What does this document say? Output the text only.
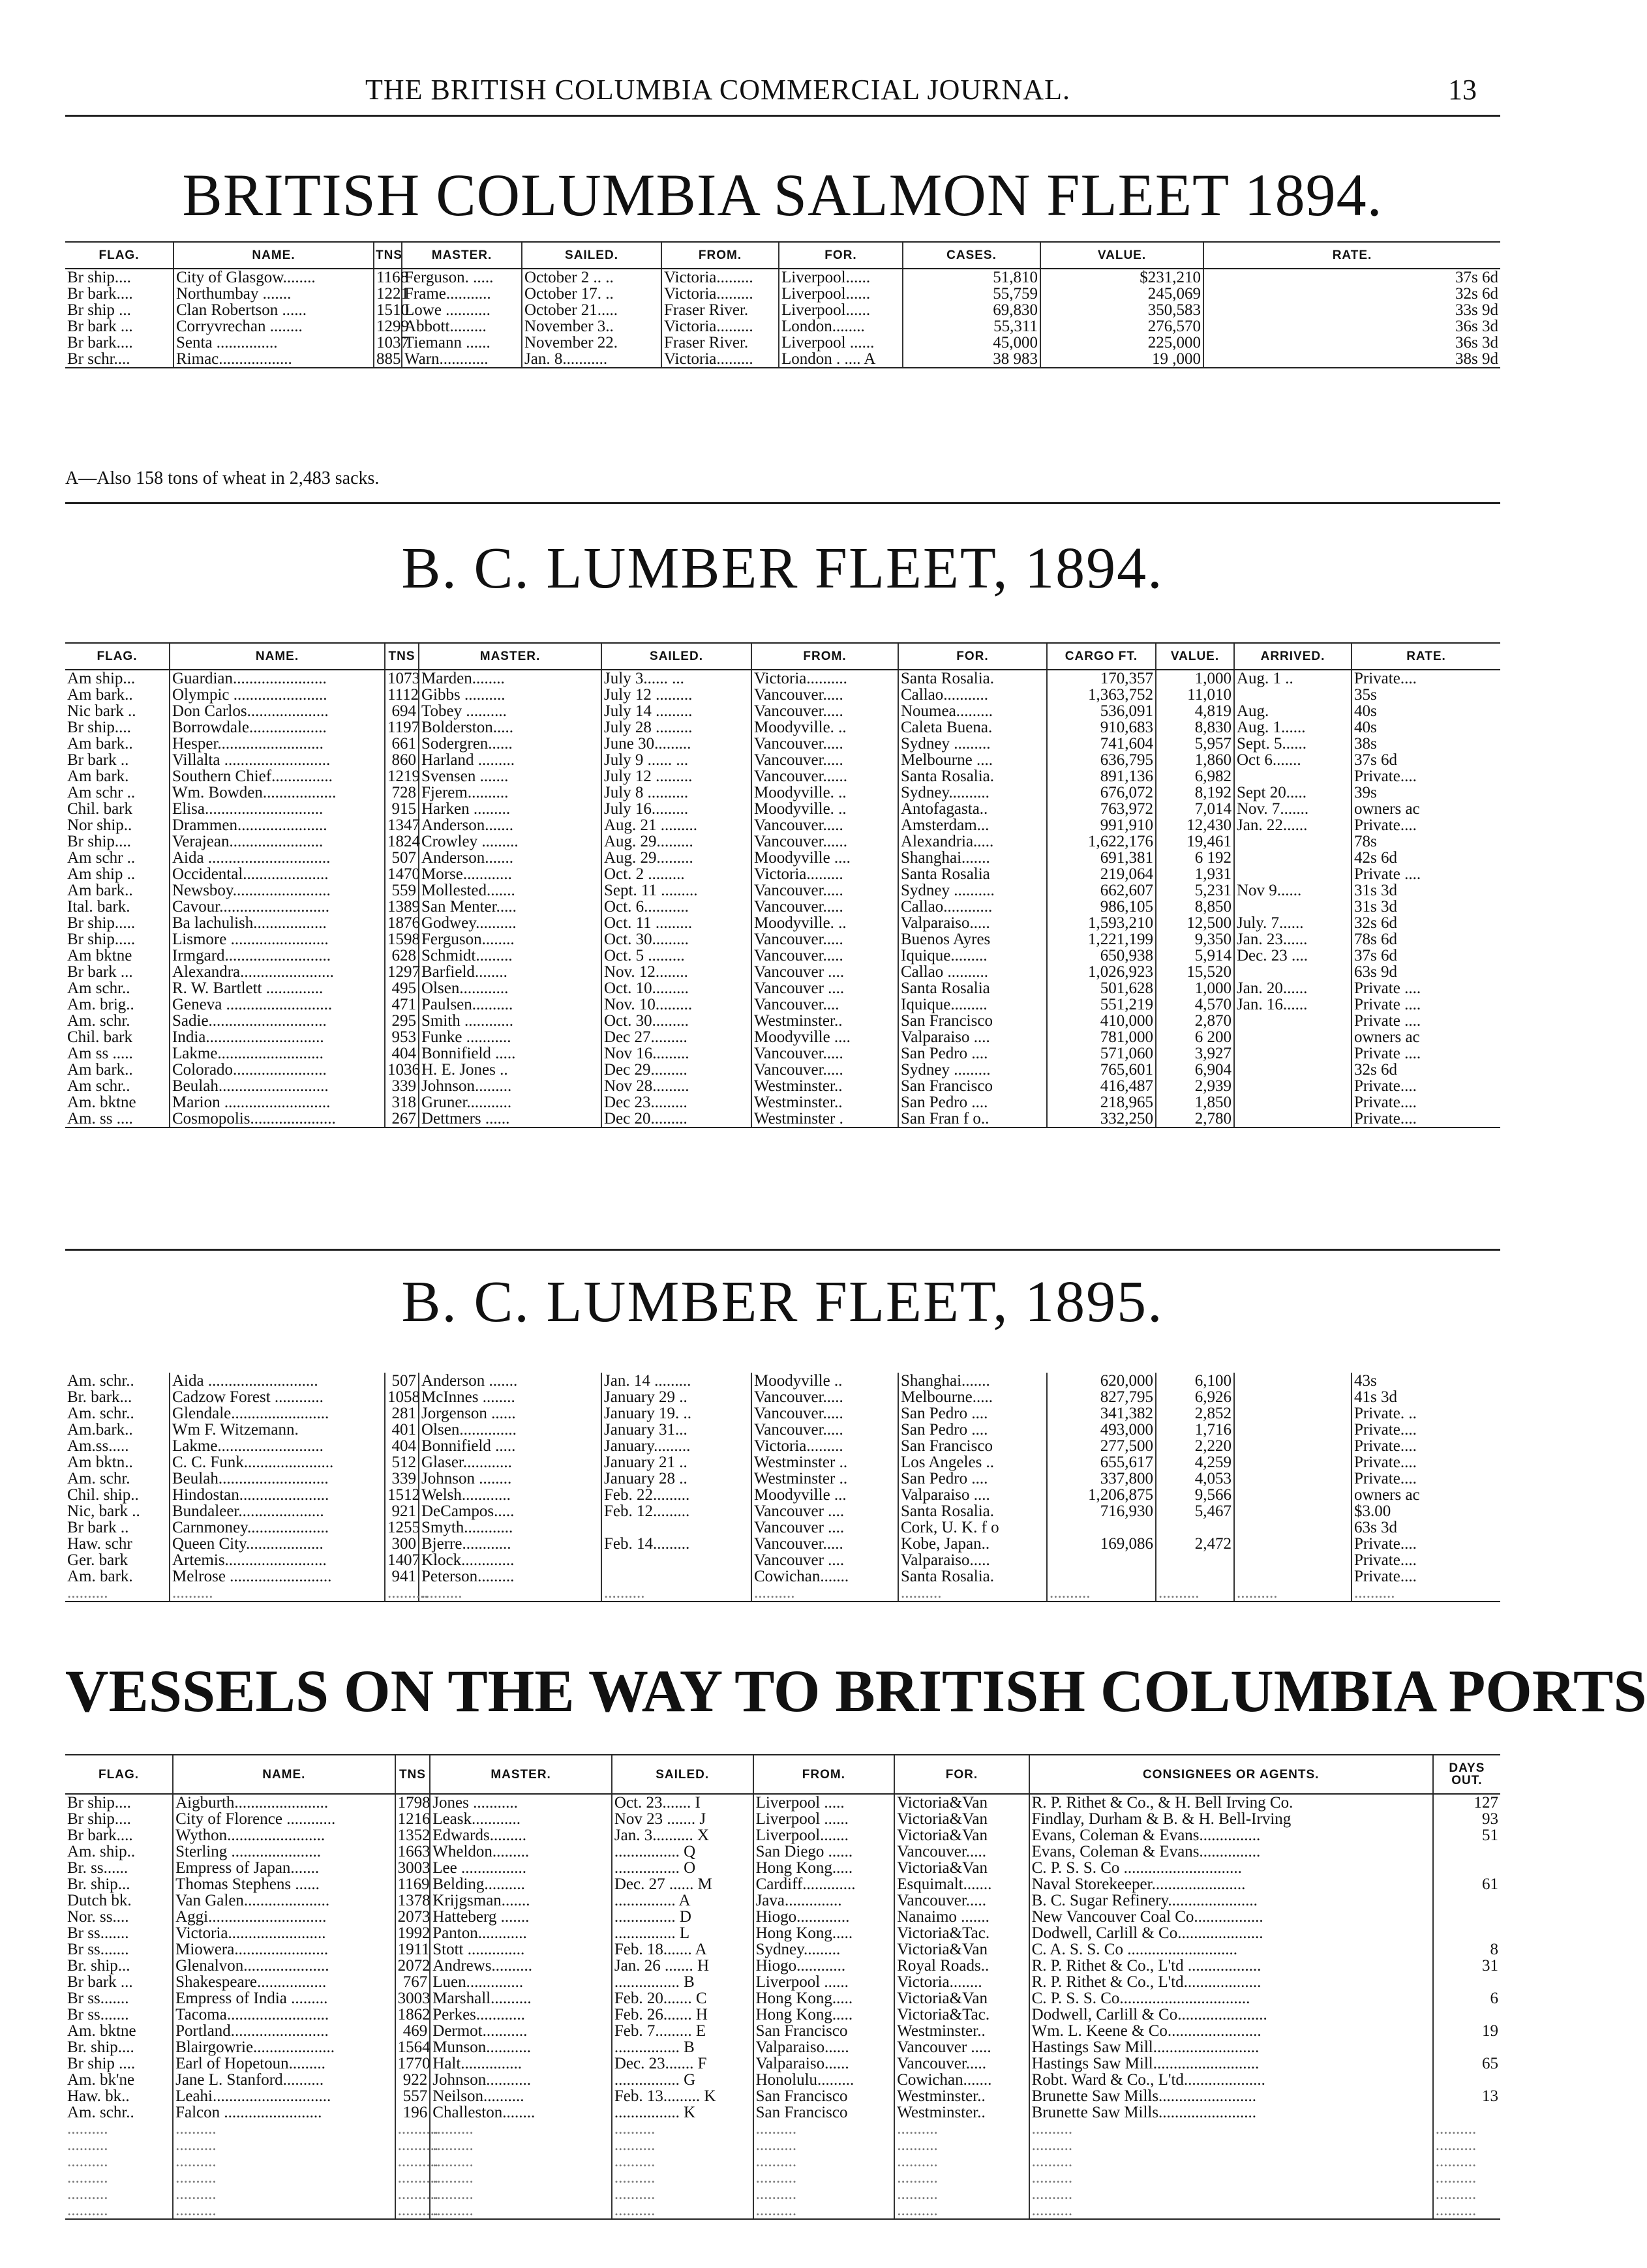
THE BRITISH COLUMBIA COMMERCIAL JOURNAL.	13
BRITISH COLUMBIA SALMON FLEET 1894.
FLAG.	NAME.	TNS	MASTER.	SAILED.	FROM.	FOR.	CASES.	VALUE.	RATE.
Br ship....	City of Glasgow........	1168	Ferguson. .....	October 2 .. ..	Victoria.........	Liverpool......	51,810	$231,210	37s 6d
Br bark....	Northumbay .......	1221	Frame...........	October 17. ..	Victoria.........	Liverpool......	55,759	245,069	32s 6d
Br ship ...	Clan Robertson ......	1510	Lowe ...........	October 21.....	Fraser River.	Liverpool......	69,830	350,583	33s 9d
Br bark ...	Corryvrechan ........	1299	Abbott.........	November 3..	Victoria.........	London........	55,311	276,570	36s 3d
Br bark....	Senta ...............	1037	Tiemann ......	November 22.	Fraser River.	Liverpool ......	45,000	225,000	36s 3d
Br schr....	Rimac..................	885	Warn............	Jan. 8...........	Victoria.........	London . .... A	38 983	19 ,000	38s 9d
A—Also 158 tons of wheat in 2,483 sacks.
B. C. LUMBER FLEET, 1894.
FLAG.	NAME.	TNS	MASTER.	SAILED.	FROM.	FOR.	CARGO FT.	VALUE.	ARRIVED.	RATE.
Am ship...	Guardian.......................	1073	Marden........	July 3...... ...	Victoria..........	Santa Rosalia.	170,357	1,000	Aug. 1 ..	Private....
Am bark..	Olympic .......................	1112	Gibbs ..........	July 12 .........	Vancouver.....	Callao...........	1,363,752	11,010		35s
Nic bark ..	Don Carlos....................	694	Tobey ..........	July 14 .........	Vancouver.....	Noumea.........	536,091	4,819	Aug.	40s
Br ship....	Borrowdale...................	1197	Bolderston.....	July 28 .........	Moodyville. ..	Caleta Buena.	910,683	8,830	Aug. 1......	40s
Am bark..	Hesper..........................	661	Sodergren......	June 30.........	Vancouver.....	Sydney .........	741,604	5,957	Sept. 5......	38s
Br bark ..	Villalta ..........................	860	Harland .........	July 9 ...... ...	Vancouver.....	Melbourne ....	636,795	1,860	Oct 6.......	37s 6d
Am bark.	Southern Chief...............	1219	Svensen .......	July 12 .........	Vancouver......	Santa Rosalia.	891,136	6,982		Private....
Am schr ..	Wm. Bowden..................	728	Fjerem..........	July 8 ..........	Moodyville. ..	Sydney..........	676,072	8,192	Sept 20.....	39s
Chil. bark	Elisa.............................	915	Harken .........	July 16.........	Moodyville. ..	Antofagasta..	763,972	7,014	Nov. 7.......	owners ac
Nor ship..	Drammen......................	1347	Anderson.......	Aug. 21 .........	Vancouver.....	Amsterdam...	991,910	12,430	Jan. 22......	Private....
Br ship....	Verajean.......................	1824	Crowley .........	Aug. 29.........	Vancouver......	Alexandria.....	1,622,176	19,461		78s
Am schr ..	Aida ..............................	507	Anderson.......	Aug. 29.........	Moodyville ....	Shanghai.......	691,381	6 192		42s 6d
Am ship ..	Occidental.....................	1470	Morse............	Oct. 2 .........	Victoria.........	Santa Rosalia	219,064	1,931		Private ....
Am bark..	Newsboy........................	559	Mollested.......	Sept. 11 .........	Vancouver.....	Sydney ..........	662,607	5,231	Nov 9......	31s 3d
Ital. bark.	Cavour...........................	1389	San Menter.....	Oct. 6...........	Vancouver.....	Callao............	986,105	8,850		31s 3d
Br ship.....	Ba lachulish..................	1876	Godwey..........	Oct. 11 .........	Moodyville. ..	Valparaiso.....	1,593,210	12,500	July. 7......	32s 6d
Br ship.....	Lismore ........................	1598	Ferguson........	Oct. 30.........	Vancouver.....	Buenos Ayres	1,221,199	9,350	Jan. 23......	78s 6d
Am bktne	Irmgard..........................	628	Schmidt.........	Oct. 5 .........	Vancouver.....	Iquique.........	650,938	5,914	Dec. 23 ....	37s 6d
Br bark ...	Alexandra.......................	1297	Barfield........	Nov. 12........	Vancouver ....	Callao ..........	1,026,923	15,520		63s 9d
Am schr..	R. W. Bartlett ..............	495	Olsen............	Oct. 10.........	Vancouver ....	Santa Rosalia	501,628	1,000	Jan. 20......	Private ....
Am. brig..	Geneva ..........................	471	Paulsen..........	Nov. 10.........	Vancouver....	Iquique.........	551,219	4,570	Jan. 16......	Private ....
Am. schr.	Sadie.............................	295	Smith ............	Oct. 30.........	Westminster..	San Francisco	410,000	2,870		Private ....
Chil. bark	India.............................	953	Funke ...........	Dec 27.........	Moodyville ....	Valparaiso ....	781,000	6 200		owners ac
Am ss .....	Lakme..........................	404	Bonnifield .....	Nov 16.........	Vancouver.....	San Pedro ....	571,060	3,927		Private ....
Am bark..	Colorado.......................	1036	H. E. Jones ..	Dec 29.........	Vancouver.....	Sydney .........	765,601	6,904		32s 6d
Am schr..	Beulah...........................	339	Johnson.........	Nov 28.........	Westminster..	San Francisco	416,487	2,939		Private....
Am. bktne	Marion ..........................	318	Gruner...........	Dec 23.........	Westminster..	San Pedro ....	218,965	1,850		Private....
Am. ss ....	Cosmopolis.....................	267	Dettmers ......	Dec 20.........	Westminster .	San Fran f o..	332,250	2,780		Private....
B. C. LUMBER FLEET, 1895.
Am. schr..	Aida ...........................	507	Anderson .......	Jan. 14 .........	Moodyville ..	Shanghai.......	620,000	6,100		43s
Br. bark...	Cadzow Forest ............	1058	McInnes ........	January 29 ..	Vancouver.....	Melbourne.....	827,795	6,926		41s 3d
Am. schr..	Glendale........................	281	Jorgenson ......	January 19. ..	Vancouver.....	San Pedro ....	341,382	2,852		Private. ..
Am.bark..	Wm F. Witzemann.	401	Olsen..............	January 31...	Vancouver.....	San Pedro ....	493,000	1,716		Private....
Am.ss.....	Lakme..........................	404	Bonnifield .....	January.........	Victoria.........	San Francisco	277,500	2,220		Private....
Am bktn..	C. C. Funk......................	512	Glaser............	January 21 ..	Westminster ..	Los Angeles ..	655,617	4,259		Private....
Am. schr.	Beulah...........................	339	Johnson ........	January 28 ..	Westminster ..	San Pedro ....	337,800	4,053		Private....
Chil. ship..	Hindostan......................	1512	Welsh............	Feb. 22.........	Moodyville ...	Valparaiso ....	1,206,875	9,566		owners ac
Nic, bark ..	Bundaleer.....................	921	DeCampos.....	Feb. 12.........	Vancouver ....	Santa Rosalia.	716,930	5,467		$3.00
Br bark ..	Carnmoney....................	1255	Smyth............		Vancouver ....	Cork, U. K. f o				63s 3d
Haw. schr	Queen City...................	300	Bjerre............	Feb. 14.........	Vancouver.....	Kobe, Japan..	169,086	2,472		Private....
Ger. bark	Artemis.........................	1407	Klock.............		Vancouver ....	Valparaiso.....				Private....
Am. bark.	Melrose .........................	941	Peterson.........		Cowichan.......	Santa Rosalia.				Private....
..........	..........	..........	..........	..........	..........	..........	..........	..........	..........	..........
VESSELS ON THE WAY TO BRITISH COLUMBIA PORTS
FLAG.	NAME.	TNS	MASTER.	SAILED.	FROM.	FOR.	CONSIGNEES OR AGENTS.	DAYS OUT.
Br ship....	Aigburth.......................	1798	Jones ...........	Oct. 23....... I	Liverpool .....	Victoria&Van	R. P. Rithet & Co., & H. Bell Irving Co.	127
Br ship....	City of Florence ............	1216	Leask............	Nov 23 ....... J	Liverpool ......	Victoria&Van	Findlay, Durham & B. & H. Bell-Irving	93
Br bark....	Wython........................	1352	Edwards.........	Jan. 3.......... X	Liverpool.......	Victoria&Van	Evans, Coleman & Evans...............	51
Am. ship..	Sterling ......................	1663	Wheldon.........	................ Q	San Diego ......	Vancouver.....	Evans, Coleman & Evans...............	
Br. ss......	Empress of Japan.......	3003	Lee ................	................ O	Hong Kong.....	Victoria&Van	C. P. S. S. Co .............................	
Br. ship...	Thomas Stephens ......	1169	Belding..........	Dec. 27 ...... M	Cardiff.............	Esquimalt.......	Naval Storekeeper.......................	61
Dutch bk.	Van Galen.....................	1378	Krijgsman.......	............... A	Java..............	Vancouver.....	B. C. Sugar Refinery......................	
Nor. ss....	Aggi.............................	2073	Hatteberg .......	............... D	Hiogo.............	Nanaimo .......	New Vancouver Coal Co.................	
Br ss.......	Victoria........................	1992	Panton............	............... L	Hong Kong.....	Victoria&Tac.	Dodwell, Carlill & Co.....................	
Br ss.......	Miowera.......................	1911	Stott ..............	Feb. 18....... A	Sydney.........	Victoria&Van	C. A. S. S. Co ...........................	8
Br. ship...	Glenalvon.....................	2072	Andrews..........	Jan. 26 ....... H	Hiogo............	Royal Roads..	R. P. Rithet & Co., L'td ..................	31
Br bark ...	Shakespeare.................	767	Luen..............	................ B	Liverpool ......	Victoria........	R. P. Rithet & Co., L'td...................	
Br ss.......	Empress of India .........	3003	Marshall..........	Feb. 20....... C	Hong Kong.....	Victoria&Van	C. P. S. S. Co................................	6
Br ss.......	Tacoma.........................	1862	Perkes............	Feb. 26....... H	Hong Kong.....	Victoria&Tac.	Dodwell, Carlill & Co......................	
Am. bktne	Portland........................	469	Dermot...........	Feb. 7......... E	San Francisco	Westminster..	Wm. L. Keene & Co.......................	19
Br. ship....	Blairgowrie....................	1564	Munson...........	................ B	Valparaiso......	Vancouver .....	Hastings Saw Mill..........................	
Br ship ....	Earl of Hopetoun.........	1770	Halt...............	Dec. 23....... F	Valparaiso......	Vancouver.....	Hastings Saw Mill..........................	65
Am. bk'ne	Jane L. Stanford..........	922	Johnson...........	................ G	Honolulu.........	Cowichan.......	Robt. Ward & Co., L'td....................	
Haw. bk..	Leahi.............................	557	Neilson..........	Feb. 13......... K	San Francisco	Westminster..	Brunette Saw Mills........................	13
Am. schr..	Falcon ........................	196	Challeston........	................ K	San Francisco	Westminster..	Brunette Saw Mills........................	
..........	..........	..........	..........	..........	..........	..........	..........	..........
..........	..........	..........	..........	..........	..........	..........	..........	..........
..........	..........	..........	..........	..........	..........	..........	..........	..........
..........	..........	..........	..........	..........	..........	..........	..........	..........
..........	..........	..........	..........	..........	..........	..........	..........	..........
..........	..........	..........	..........	..........	..........	..........	..........	..........
